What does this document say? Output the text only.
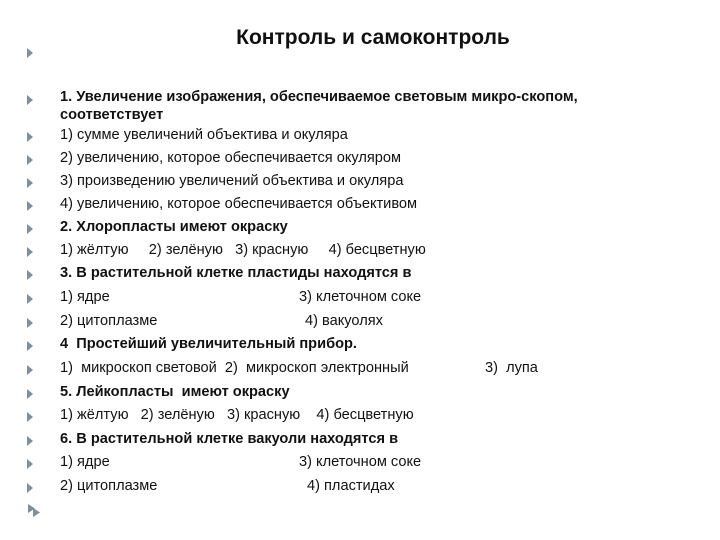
Контроль и самоконтроль
1. Увеличение изображения, обеспечиваемое световым микро-скопом,
соответствует
1) сумме увеличений объектива и окуляра
2) увеличению, которое обеспечивается окуляром
3) произведению увеличений объектива и окуляра
4) увеличению, которое обеспечивается объективом
2. Хлоропласты имеют окраску
1) жёлтую     2) зелёную   3) красную     4) бесцветную
3. В растительной клетке пластиды находятся в
1) ядре	3) клеточном соке
2) цитоплазме	4) вакуолях
4  Простейший увеличительный прибор.
1)  микроскоп световой  2)  микроскоп электронный	3)  лупа
5. Лейкопласты  имеют окраску
1) жёлтую   2) зелёную   3) красную    4) бесцветную
6. В растительной клетке вакуоли находятся в
1) ядре	3) клеточном соке
2) цитоплазме	4) пластидах
